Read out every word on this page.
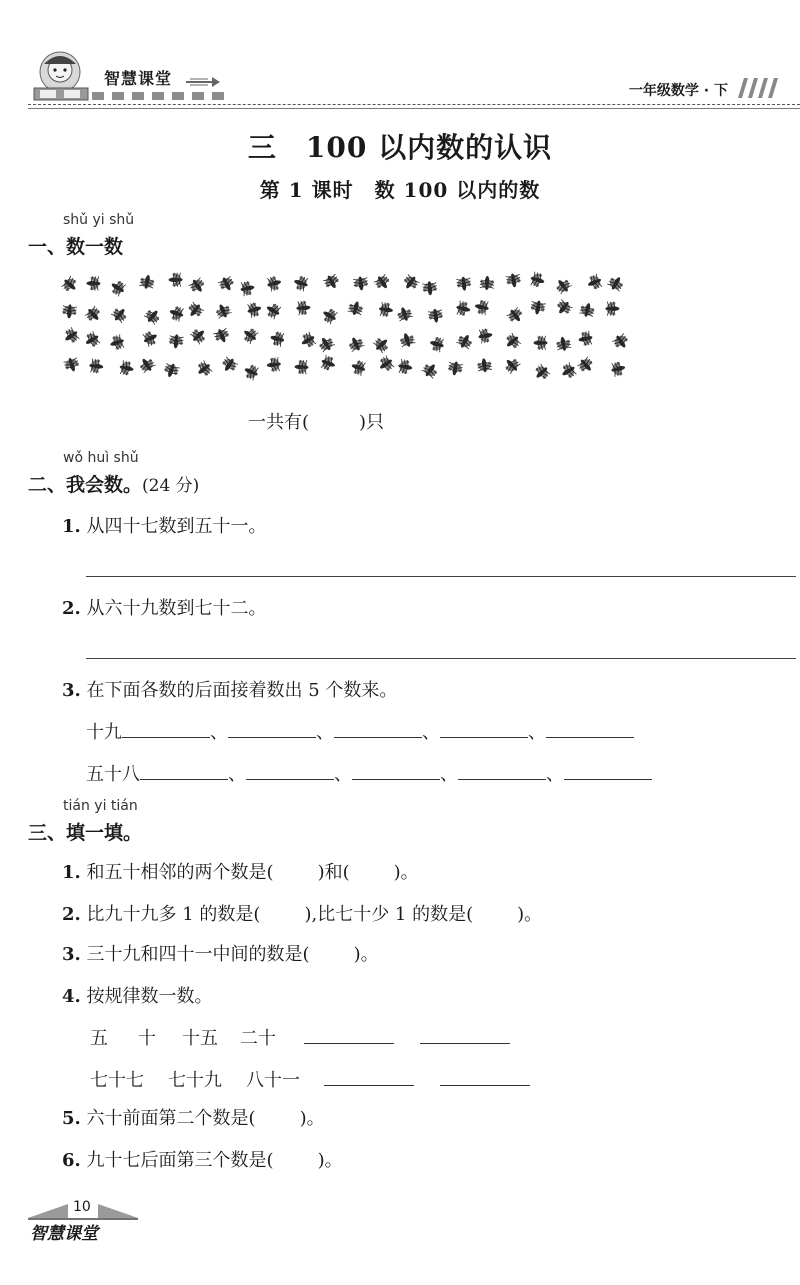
智慧课堂
一年级数学 · 下
三　100 以内数的认识
第 1 课时　数 100 以内的数
shǔ yi shǔ
一、数一数
一共有(	)只
wǒ huì shǔ
二、我会数。(24 分)
1. 从四十七数到五十一。
2. 从六十九数到七十二。
3. 在下面各数的后面接着数出 5 个数来。
十九	、	、	、	、
五十八	、	、	、	、
tián yi tián
三、填一填。
1. 和五十相邻的两个数是( )和( )。
2. 比九十九多 1 的数是( ),比七十少 1 的数是( )。
3. 三十九和四十一中间的数是( )。
4. 按规律数一数。
五 十 十五 二十
七十七 七十九 八十一
5. 六十前面第二个数是( )。
6. 九十七后面第三个数是( )。
10
智慧课堂
